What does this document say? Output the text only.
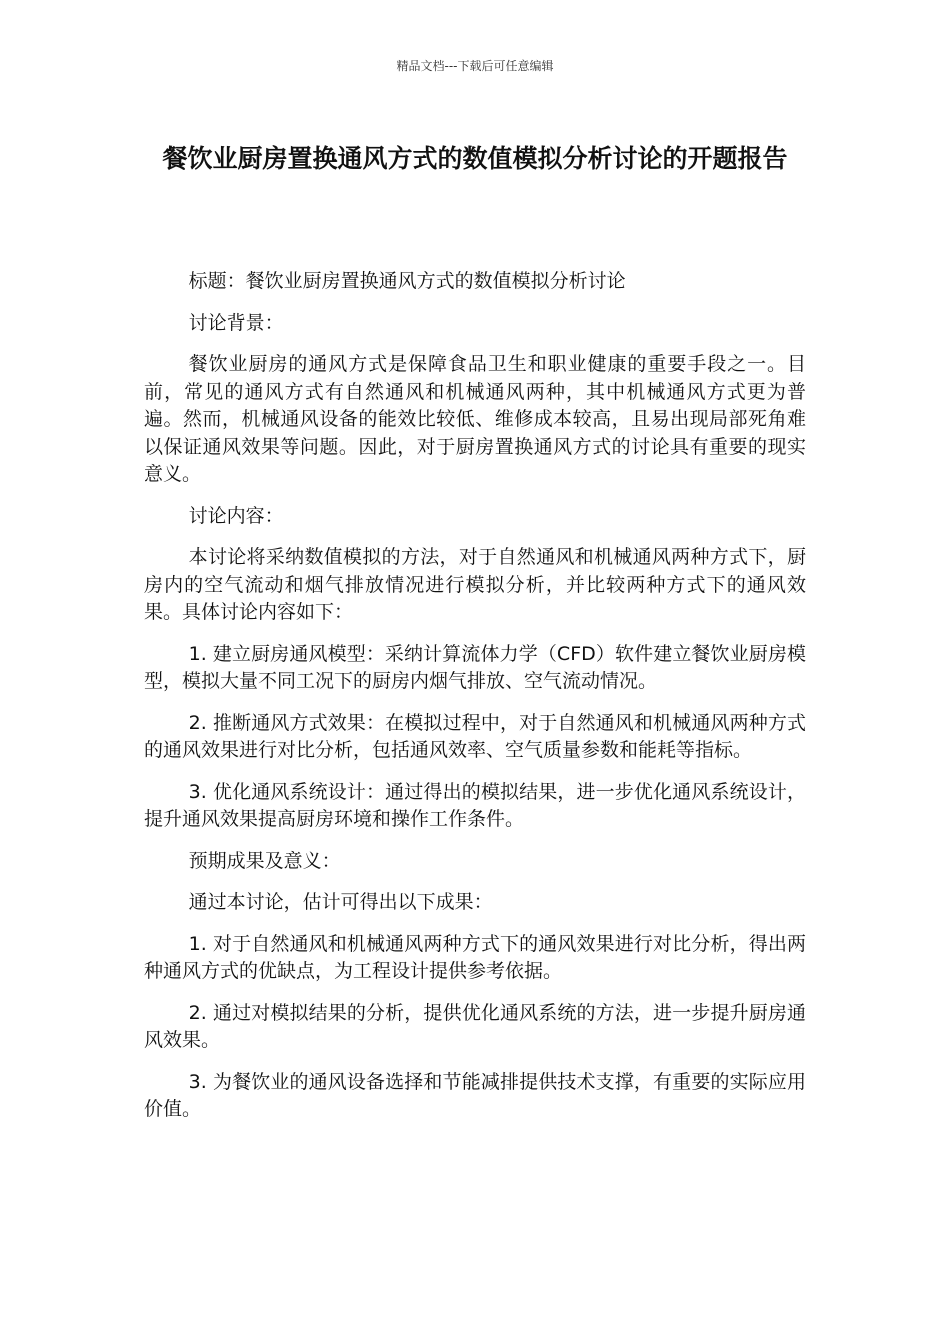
精品文档---下载后可任意编辑
餐饮业厨房置换通风方式的数值模拟分析讨论的开题报告

标题：餐饮业厨房置换通风方式的数值模拟分析讨论

讨论背景：

餐饮业厨房的通风方式是保障食品卫生和职业健康的重要手段之一。目前，常见的通风方式有自然通风和机械通风两种，其中机械通风方式更为普遍。然而，机械通风设备的能效比较低、维修成本较高，且易出现局部死角难以保证通风效果等问题。因此，对于厨房置换通风方式的讨论具有重要的现实意义。

讨论内容：

本讨论将采纳数值模拟的方法，对于自然通风和机械通风两种方式下，厨房内的空气流动和烟气排放情况进行模拟分析，并比较两种方式下的通风效果。具体讨论内容如下：

1. 建立厨房通风模型：采纳计算流体力学（CFD）软件建立餐饮业厨房模型，模拟大量不同工况下的厨房内烟气排放、空气流动情况。

2. 推断通风方式效果：在模拟过程中，对于自然通风和机械通风两种方式的通风效果进行对比分析，包括通风效率、空气质量参数和能耗等指标。

3. 优化通风系统设计：通过得出的模拟结果，进一步优化通风系统设计，提升通风效果提高厨房环境和操作工作条件。

预期成果及意义：

通过本讨论，估计可得出以下成果：

1. 对于自然通风和机械通风两种方式下的通风效果进行对比分析，得出两种通风方式的优缺点，为工程设计提供参考依据。

2. 通过对模拟结果的分析，提供优化通风系统的方法，进一步提升厨房通风效果。

3. 为餐饮业的通风设备选择和节能减排提供技术支撑，有重要的实际应用价值。
